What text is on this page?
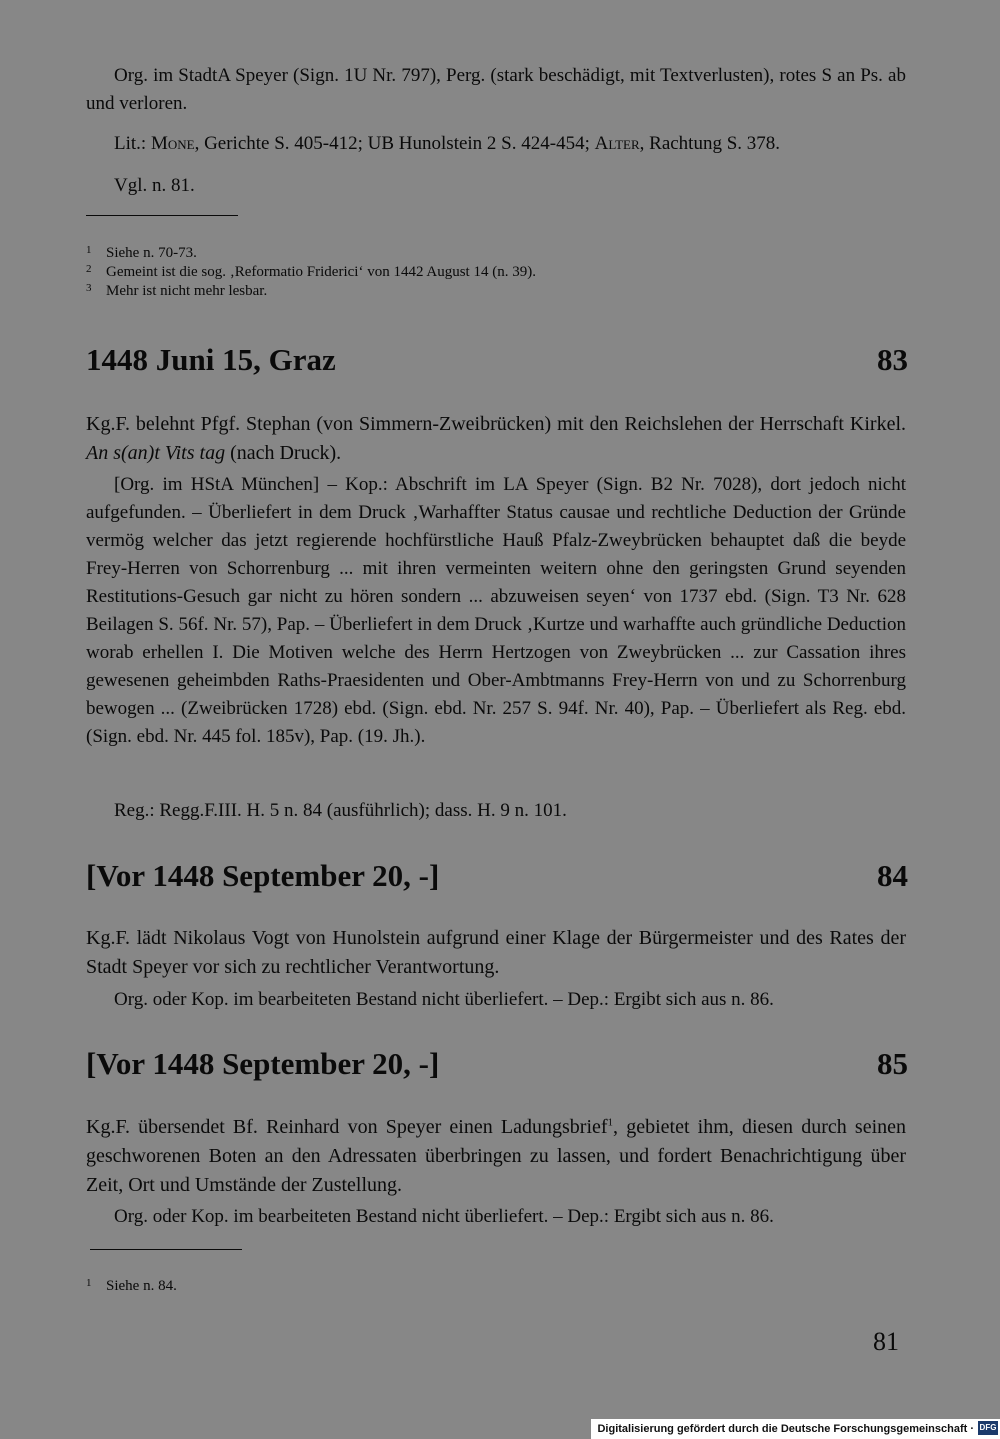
Org. im StadtA Speyer (Sign. 1U Nr. 797), Perg. (stark beschädigt, mit Textverlusten), rotes S an Ps. ab und verloren.

Lit.: Mone, Gerichte S. 405-412; UB Hunolstein 2 S. 424-454; Alter, Rachtung S. 378.

Vgl. n. 81.

1 Siehe n. 70-73.

2 Gemeint ist die sog. ‚Reformatio Friderici‘ von 1442 August 14 (n. 39).

3 Mehr ist nicht mehr lesbar.

1448 Juni 15, Graz	83

Kg.F. belehnt Pfgf. Stephan (von Simmern-Zweibrücken) mit den Reichslehen der Herrschaft Kirkel. An s(an)t Vits tag (nach Druck).

[Org. im HStA München] – Kop.: Abschrift im LA Speyer (Sign. B2 Nr. 7028), dort jedoch nicht aufgefunden. – Überliefert in dem Druck ‚Warhaffter Status causae und rechtliche Deduction der Gründe vermög welcher das jetzt regierende hochfürstliche Hauß Pfalz-Zweybrücken behauptet daß die beyde Frey-Herren von Schorrenburg ... mit ihren vermeinten weitern ohne den geringsten Grund seyenden Restitutions-Gesuch gar nicht zu hören sondern ... abzuweisen seyen‘ von 1737 ebd. (Sign. T3 Nr. 628 Beilagen S. 56f. Nr. 57), Pap. – Überliefert in dem Druck ‚Kurtze und warhaffte auch gründliche Deduction worab erhellen I. Die Motiven welche des Herrn Hertzogen von Zweybrücken ... zur Cassation ihres gewesenen geheimbden Raths-Praesidenten und Ober-Ambtmanns Frey-Herrn von und zu Schorrenburg bewogen ... (Zweibrücken 1728) ebd. (Sign. ebd. Nr. 257 S. 94f. Nr. 40), Pap. – Überliefert als Reg. ebd. (Sign. ebd. Nr. 445 fol. 185v), Pap. (19. Jh.).

Reg.: Regg.F.III. H. 5 n. 84 (ausführlich); dass. H. 9 n. 101.

[Vor 1448 September 20, -]	84

Kg.F. lädt Nikolaus Vogt von Hunolstein aufgrund einer Klage der Bürgermeister und des Rates der Stadt Speyer vor sich zu rechtlicher Verantwortung.

Org. oder Kop. im bearbeiteten Bestand nicht überliefert. – Dep.: Ergibt sich aus n. 86.

[Vor 1448 September 20, -]	85

Kg.F. übersendet Bf. Reinhard von Speyer einen Ladungsbrief$^1$, gebietet ihm, diesen durch seinen geschworenen Boten an den Adressaten überbringen zu lassen, und fordert Benachrichtigung über Zeit, Ort und Umstände der Zustellung.

Org. oder Kop. im bearbeiteten Bestand nicht überliefert. – Dep.: Ergibt sich aus n. 86.

1 Siehe n. 84.

81
Digitalisierung gefördert durch die Deutsche Forschungsgemeinschaft · DFG
